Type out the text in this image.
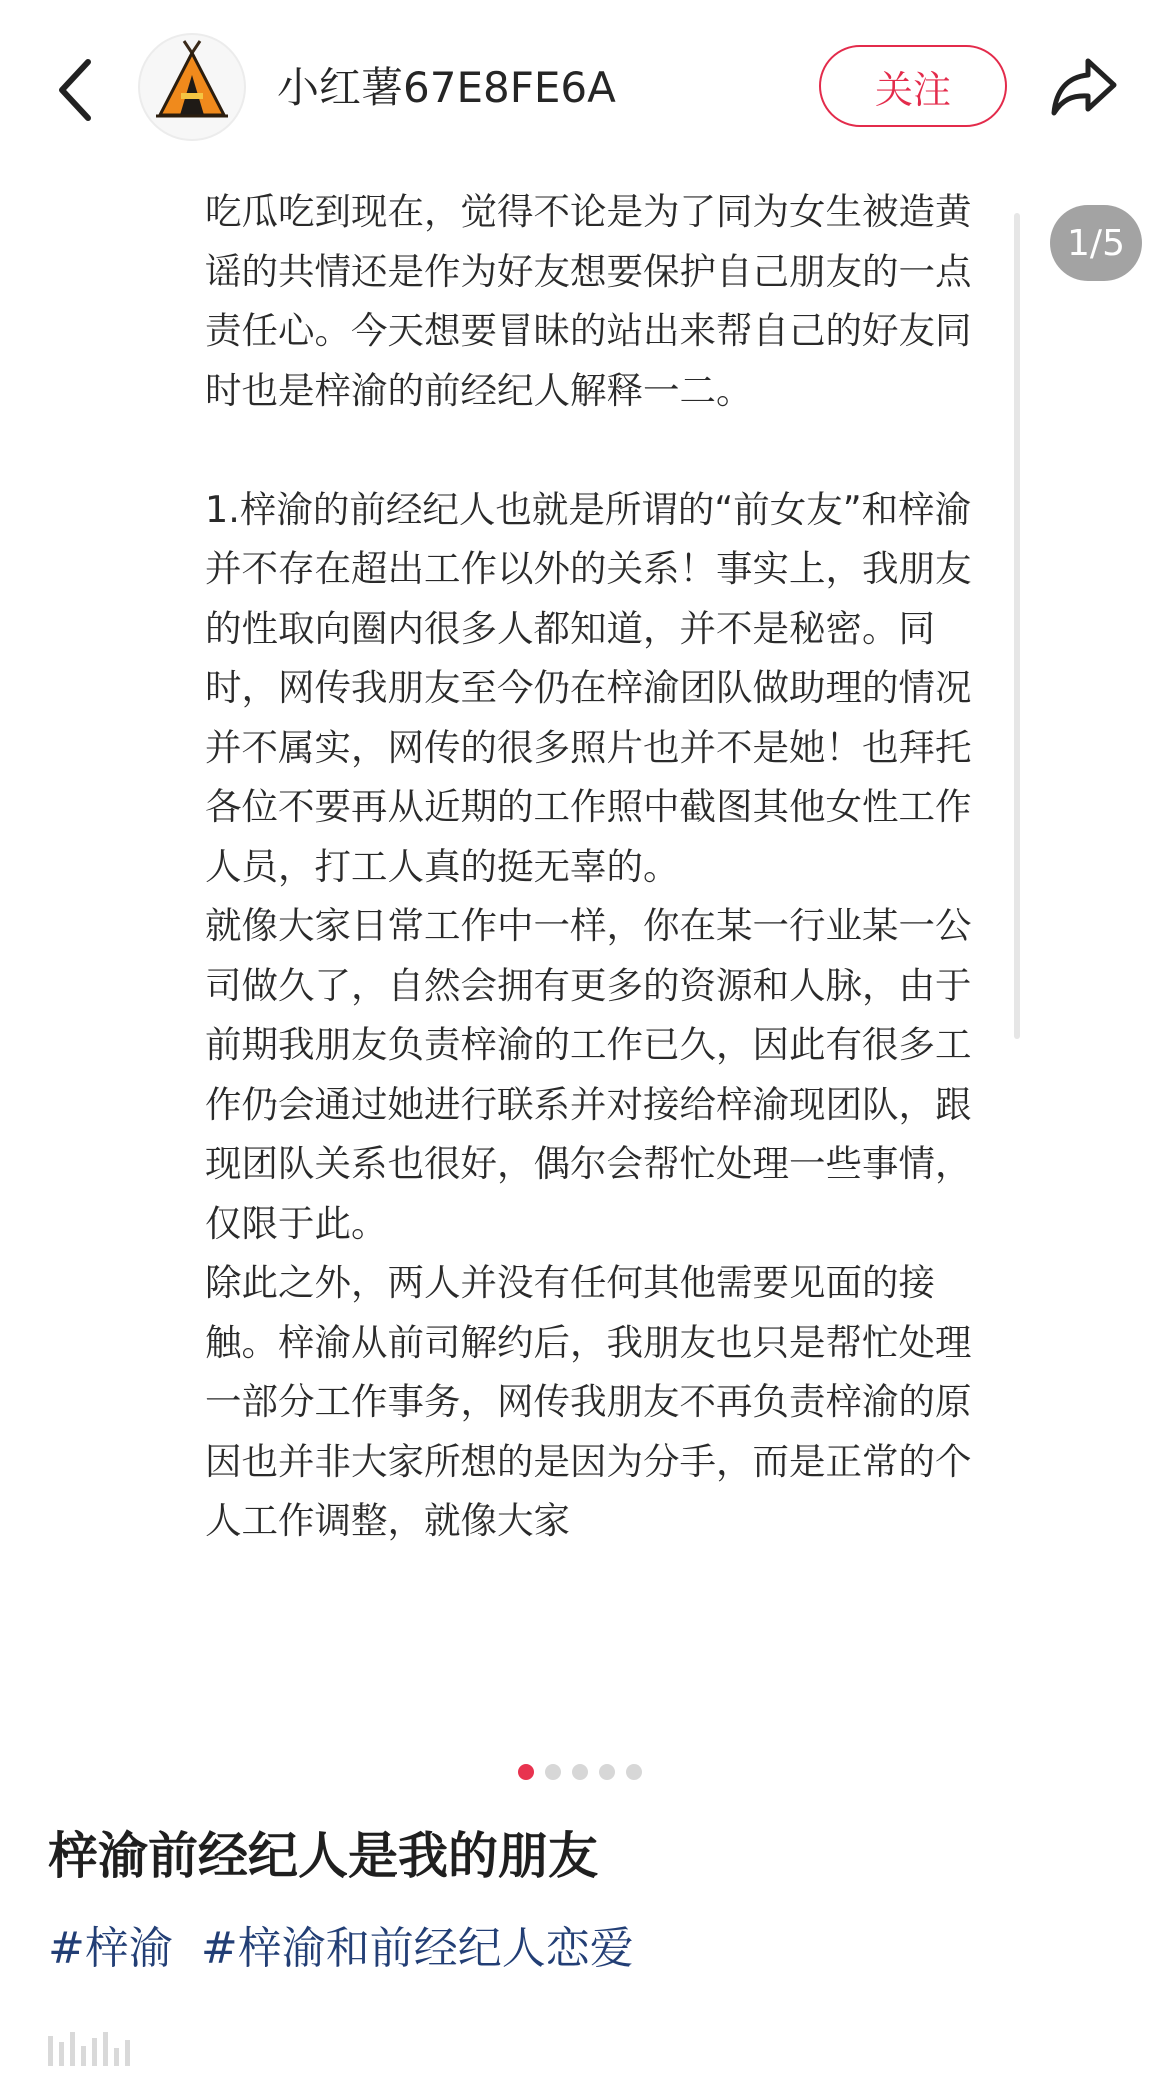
小红薯67E8FE6A	关注

吃瓜吃到现在，觉得不论是为了同为女生被造黄谣的共情还是作为好友想要保护自己朋友的一点责任心。今天想要冒昧的站出来帮自己的好友同时也是梓渝的前经纪人解释一二。

1.梓渝的前经纪人也就是所谓的“前女友”和梓渝并不存在超出工作以外的关系！事实上，我朋友的性取向圈内很多人都知道，并不是秘密。同时，网传我朋友至今仍在梓渝团队做助理的情况并不属实，网传的很多照片也并不是她！也拜托各位不要再从近期的工作照中截图其他女性工作人员，打工人真的挺无辜的。

就像大家日常工作中一样，你在某一行业某一公司做久了，自然会拥有更多的资源和人脉，由于前期我朋友负责梓渝的工作已久，因此有很多工作仍会通过她进行联系并对接给梓渝现团队，跟现团队关系也很好，偶尔会帮忙处理一些事情，仅限于此。

除此之外，两人并没有任何其他需要见面的接触。梓渝从前司解约后，我朋友也只是帮忙处理一部分工作事务，网传我朋友不再负责梓渝的原因也并非大家所想的是因为分手，而是正常的个人工作调整，就像大家

1/5
梓渝前经纪人是我的朋友
#梓渝 #梓渝和前经纪人恋爱
